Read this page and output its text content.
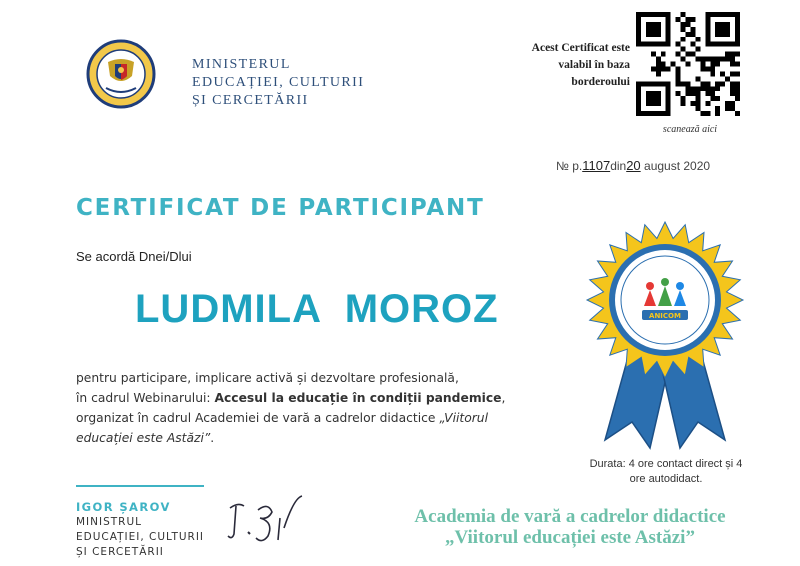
MINISTERUL
EDUCAȚIEI, CULTURII
ȘI CERCETĂRII
Acest Certificat este
valabil în baza
borderoului
scanează aici
№ p.1107din20 august 2020
CERTIFICAT DE PARTICIPANT
Se acordă Dnei/Dlui
LUDMILA  MOROZ
pentru participare, implicare activă și dezvoltare profesională,
în cadrul Webinarului: Accesul la educație în condiții pandemice,
organizat în cadrul Academiei de vară a cadrelor didactice „Viitorul
educației este Astăzi”.
ANICOM
Durata: 4 ore contact direct și 4
ore autodidact.
IGOR ȘAROV
MINISTRUL
EDUCAȚIEI, CULTURII
ȘI CERCETĂRII
Academia de vară a cadrelor didactice
„Viitorul educației este Astăzi”
